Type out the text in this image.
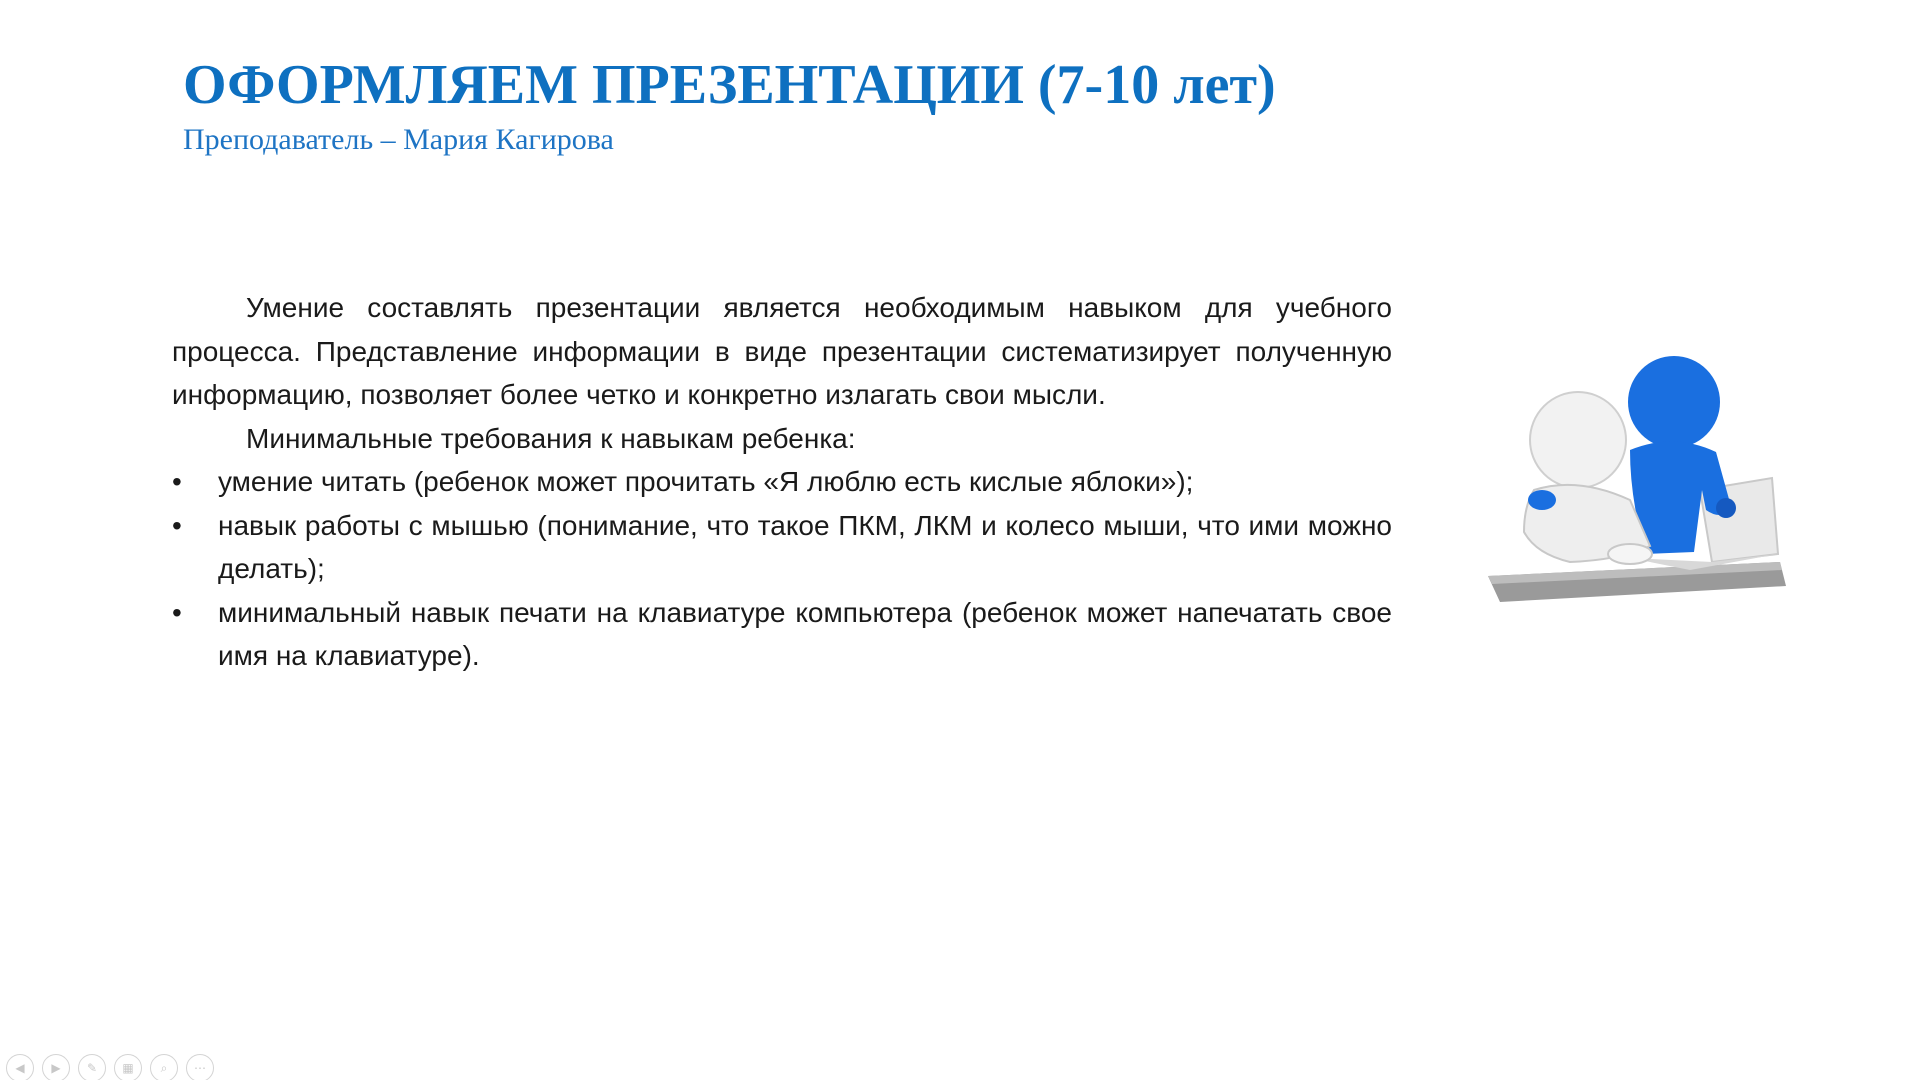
ОФОРМЛЯЕМ ПРЕЗЕНТАЦИИ (7-10 лет)
Преподаватель – Мария Кагирова

Умение составлять презентации является необходимым навыком для учебного процесса. Представление информации в виде презентации систематизирует полученную информацию, позволяет более четко и конкретно излагать свои мысли.

Минимальные требования к навыкам ребенка:

• умение читать (ребенок может прочитать «Я люблю есть кислые яблоки»);
• навык работы с мышью (понимание, что такое ПКМ, ЛКМ и колесо мыши, что ими можно делать);
• минимальный навык печати на клавиатуре компьютера (ребенок может напечатать свое имя на клавиатуре).
◀	▶	✎	▦	⌕	⋯
